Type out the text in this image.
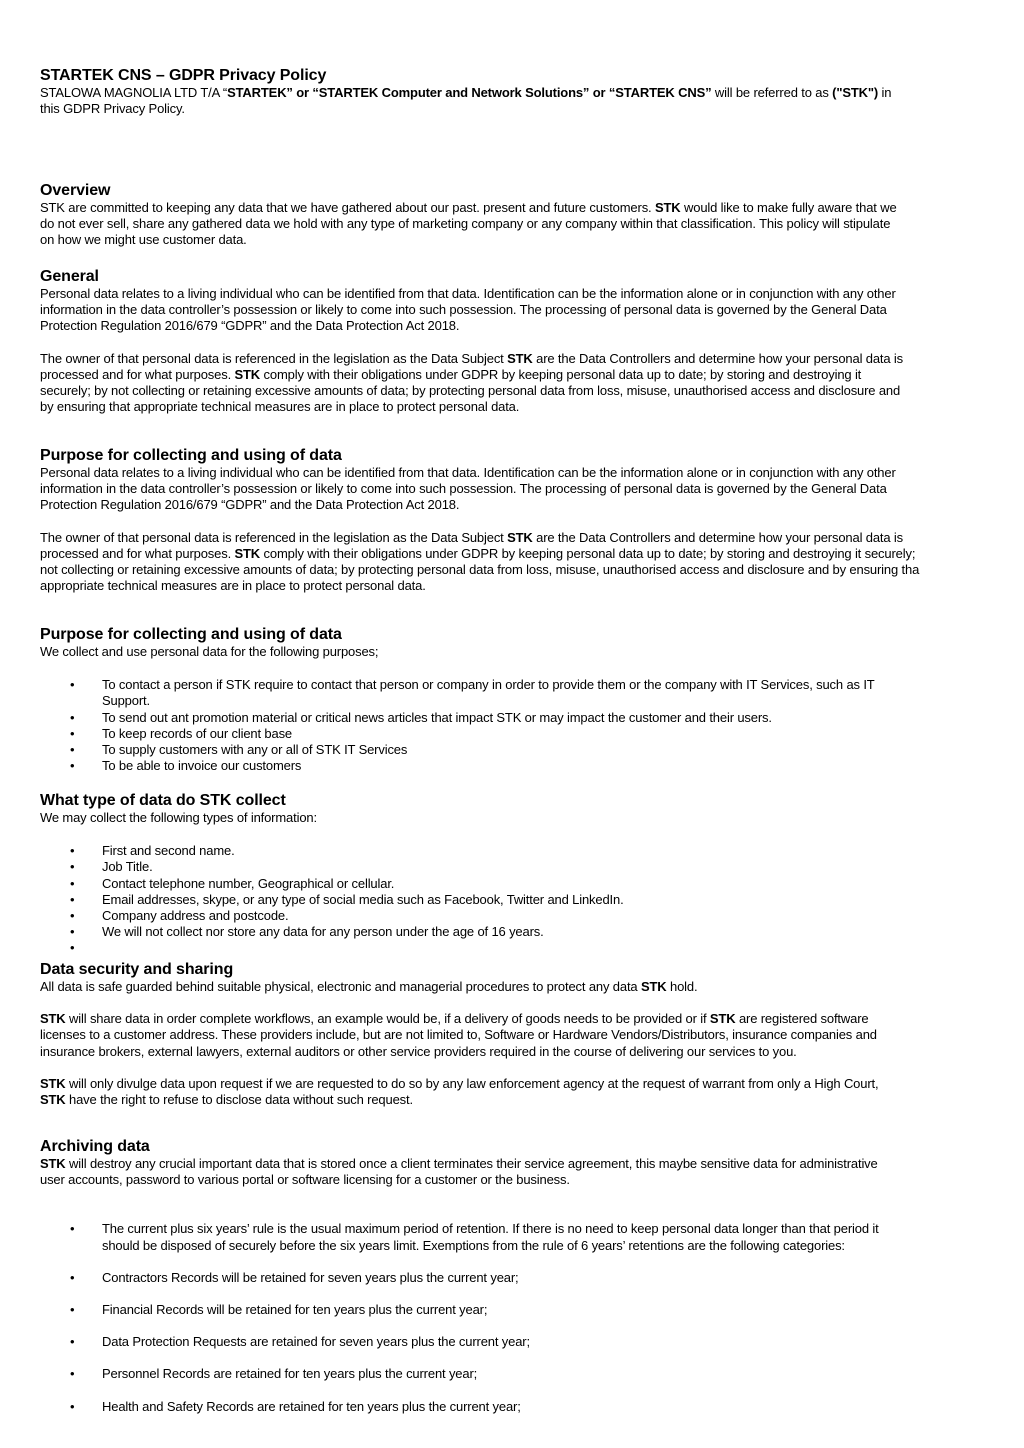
STARTEK CNS – GDPR Privacy Policy
STALOWA MAGNOLIA LTD T/A “STARTEK” or “STARTEK Computer and Network Solutions” or “STARTEK CNS” will be referred to as ("STK") in
this GDPR Privacy Policy.
Overview
STK are committed to keeping any data that we have gathered about our past. present and future customers. STK would like to make fully aware that we
do not ever sell, share any gathered data we hold with any type of marketing company or any company within that classification. This policy will stipulate
on how we might use customer data.
General
Personal data relates to a living individual who can be identified from that data. Identification can be the information alone or in conjunction with any other
information in the data controller’s possession or likely to come into such possession. The processing of personal data is governed by the General Data
Protection Regulation 2016/679 “GDPR” and the Data Protection Act 2018.
The owner of that personal data is referenced in the legislation as the Data Subject STK are the Data Controllers and determine how your personal data is
processed and for what purposes. STK comply with their obligations under GDPR by keeping personal data up to date; by storing and destroying it
securely; by not collecting or retaining excessive amounts of data; by protecting personal data from loss, misuse, unauthorised access and disclosure and
by ensuring that appropriate technical measures are in place to protect personal data.
Purpose for collecting and using of data
Personal data relates to a living individual who can be identified from that data. Identification can be the information alone or in conjunction with any other
information in the data controller’s possession or likely to come into such possession. The processing of personal data is governed by the General Data
Protection Regulation 2016/679 “GDPR” and the Data Protection Act 2018.
The owner of that personal data is referenced in the legislation as the Data Subject STK are the Data Controllers and determine how your personal data is
processed and for what purposes. STK comply with their obligations under GDPR by keeping personal data up to date; by storing and destroying it securely;
not collecting or retaining excessive amounts of data; by protecting personal data from loss, misuse, unauthorised access and disclosure and by ensuring tha
appropriate technical measures are in place to protect personal data.
Purpose for collecting and using of data
We collect and use personal data for the following purposes;
• To contact a person if STK require to contact that person or company in order to provide them or the company with IT Services, such as IT
Support.
• To send out ant promotion material or critical news articles that impact STK or may impact the customer and their users.
• To keep records of our client base
• To supply customers with any or all of STK IT Services
• To be able to invoice our customers
What type of data do STK collect
We may collect the following types of information:
• First and second name.
• Job Title.
• Contact telephone number, Geographical or cellular.
• Email addresses, skype, or any type of social media such as Facebook, Twitter and LinkedIn.
• Company address and postcode.
• We will not collect nor store any data for any person under the age of 16 years.
•
Data security and sharing
All data is safe guarded behind suitable physical, electronic and managerial procedures to protect any data STK hold.
STK will share data in order complete workflows, an example would be, if a delivery of goods needs to be provided or if STK are registered software
licenses to a customer address. These providers include, but are not limited to, Software or Hardware Vendors/Distributors, insurance companies and
insurance brokers, external lawyers, external auditors or other service providers required in the course of delivering our services to you.
STK will only divulge data upon request if we are requested to do so by any law enforcement agency at the request of warrant from only a High Court,
STK have the right to refuse to disclose data without such request.
Archiving data
STK will destroy any crucial important data that is stored once a client terminates their service agreement, this maybe sensitive data for administrative
user accounts, password to various portal or software licensing for a customer or the business.
• The current plus six years’ rule is the usual maximum period of retention. If there is no need to keep personal data longer than that period it
should be disposed of securely before the six years limit. Exemptions from the rule of 6 years’ retentions are the following categories:
• Contractors Records will be retained for seven years plus the current year;
• Financial Records will be retained for ten years plus the current year;
• Data Protection Requests are retained for seven years plus the current year;
• Personnel Records are retained for ten years plus the current year;
• Health and Safety Records are retained for ten years plus the current year;
